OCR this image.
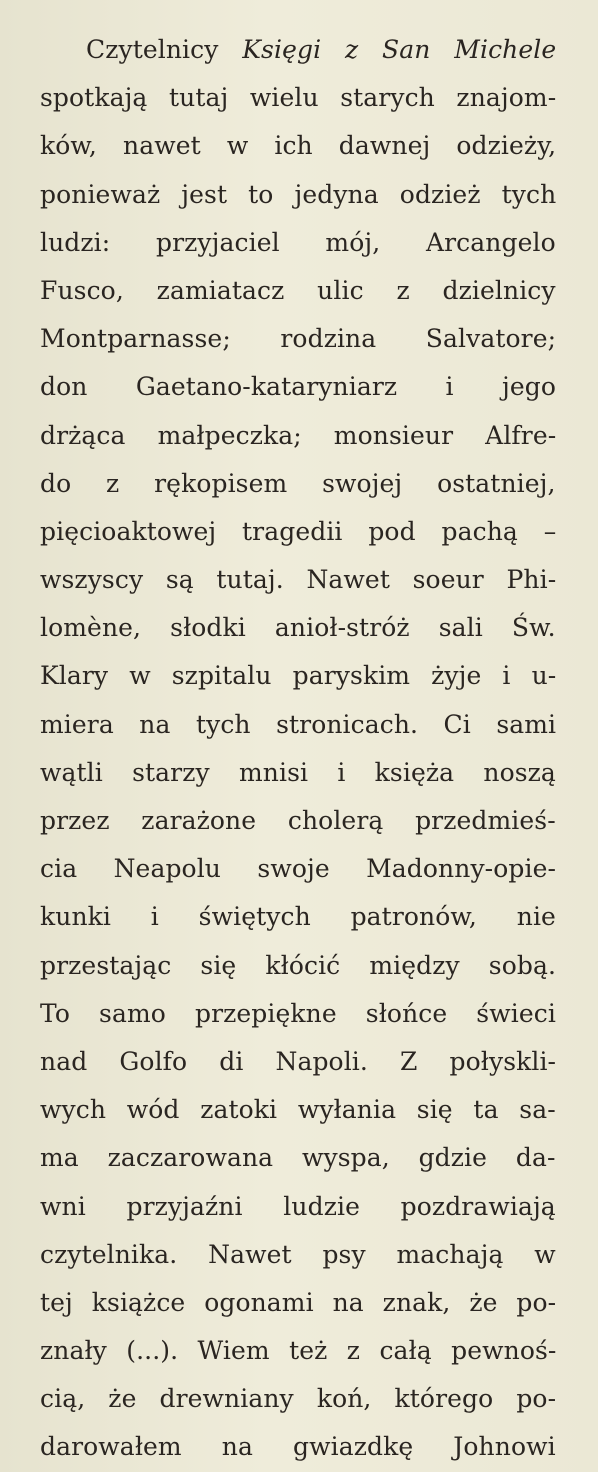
Czytelnicy Księgi z San Michele
spotkają tutaj wielu starych znajom-
ków, nawet w ich dawnej odzieży,
ponieważ jest to jedyna odzież tych
ludzi: przyjaciel mój, Arcangelo
Fusco, zamiatacz ulic z dzielnicy
Montparnasse; rodzina Salvatore;
don Gaetano-kataryniarz i jego
drżąca małpeczka; monsieur Alfre-
do z rękopisem swojej ostatniej,
pięcioaktowej tragedii pod pachą –
wszyscy są tutaj. Nawet soeur Phi-
lomène, słodki anioł-stróż sali Św.
Klary w szpitalu paryskim żyje i u-
miera na tych stronicach. Ci sami
wątli starzy mnisi i księża noszą
przez zarażone cholerą przedmieś-
cia Neapolu swoje Madonny-opie-
kunki i świętych patronów, nie
przestając się kłócić między sobą.
To samo przepiękne słońce świeci
nad Golfo di Napoli. Z połyskli-
wych wód zatoki wyłania się ta sa-
ma zaczarowana wyspa, gdzie da-
wni przyjaźni ludzie pozdrawiają
czytelnika. Nawet psy machają w
tej książce ogonami na znak, że po-
znały (...). Wiem też z całą pewnoś-
cią, że drewniany koń, którego po-
darowałem na gwiazdkę Johnowi
